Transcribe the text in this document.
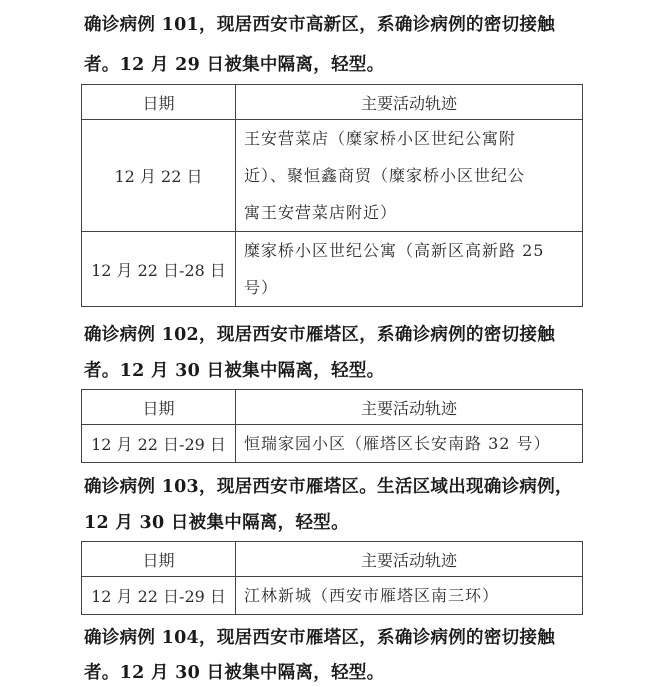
确诊病例 101，现居西安市高新区，系确诊病例的密切接触
者。12 月 29 日被集中隔离，轻型。
日期	主要活动轨迹
12 月 22 日	王安营菜店（糜家桥小区世纪公寓附
近）、聚恒鑫商贸（糜家桥小区世纪公
寓王安营菜店附近）

12 月 22 日-28 日	糜家桥小区世纪公寓（高新区高新路 25
号）
确诊病例 102，现居西安市雁塔区，系确诊病例的密切接触
者。12 月 30 日被集中隔离，轻型。
日期	主要活动轨迹
12 月 22 日-29 日	恒瑞家园小区（雁塔区长安南路 32 号）
确诊病例 103，现居西安市雁塔区。生活区域出现确诊病例，
12 月 30 日被集中隔离，轻型。
日期	主要活动轨迹
12 月 22 日-29 日	江林新城（西安市雁塔区南三环）
确诊病例 104，现居西安市雁塔区，系确诊病例的密切接触
者。12 月 30 日被集中隔离，轻型。
